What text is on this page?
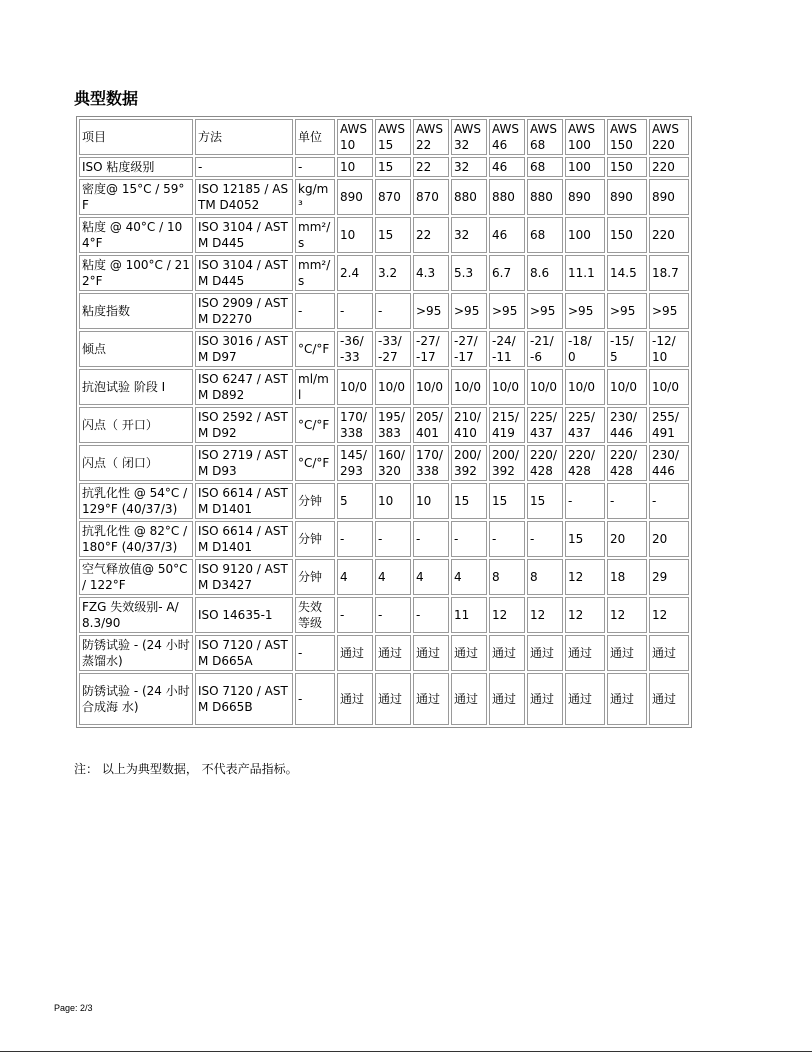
典型数据
项目	方法	单位	AWS 10	AWS 15	AWS 22	AWS 32	AWS 46	AWS 68	AWS 100	AWS 150	AWS 220
ISO 粘度级别	-	-	10	15	22	32	46	68	100	150	220
密度@ 15°C / 59°F	ISO 12185 / ASTM D4052	kg/m³	890	870	870	880	880	880	890	890	890
粘度 @ 40°C / 104°F	ISO 3104 / ASTM D445	mm²/s	10	15	22	32	46	68	100	150	220
粘度 @ 100°C / 212°F	ISO 3104 / ASTM D445	mm²/s	2.4	3.2	4.3	5.3	6.7	8.6	11.1	14.5	18.7
粘度指数	ISO 2909 / ASTM D2270	-	-	-	>95	>95	>95	>95	>95	>95	>95
倾点	ISO 3016 / ASTM D97	°C/°F	-36/ -33	-33/ -27	-27/ -17	-27/ -17	-24/ -11	-21/ -6	-18/ 0	-15/ 5	-12/ 10
抗泡试验 阶段 I	ISO 6247 / ASTM D892	ml/ml	10/0	10/0	10/0	10/0	10/0	10/0	10/0	10/0	10/0
闪点（ 开口）	ISO 2592 / ASTM D92	°C/°F	170/ 338	195/ 383	205/ 401	210/ 410	215/ 419	225/ 437	225/ 437	230/ 446	255/ 491
闪点（ 闭口）	ISO 2719 / ASTM D93	°C/°F	145/ 293	160/ 320	170/ 338	200/ 392	200/ 392	220/ 428	220/ 428	220/ 428	230/ 446
抗乳化性 @ 54°C / 129°F (40/37/3)	ISO 6614 / ASTM D1401	分钟	5	10	10	15	15	15	-	-	-
抗乳化性 @ 82°C / 180°F (40/37/3)	ISO 6614 / ASTM D1401	分钟	-	-	-	-	-	-	15	20	20
空气释放值@ 50°C / 122°F	ISO 9120 / ASTM D3427	分钟	4	4	4	4	8	8	12	18	29
FZG 失效级别- A/ 8.3/90	ISO 14635-1	失效等级	-	-	-	11	12	12	12	12	12
防锈试验 - (24 小时 蒸馏水)	ISO 7120 / ASTM D665A	-	通过	通过	通过	通过	通过	通过	通过	通过	通过
防锈试验 - (24 小时 合成海 水)	ISO 7120 / ASTM D665B	-	通过	通过	通过	通过	通过	通过	通过	通过	通过
注： 以上为典型数据， 不代表产品指标。
Page: 2/3
